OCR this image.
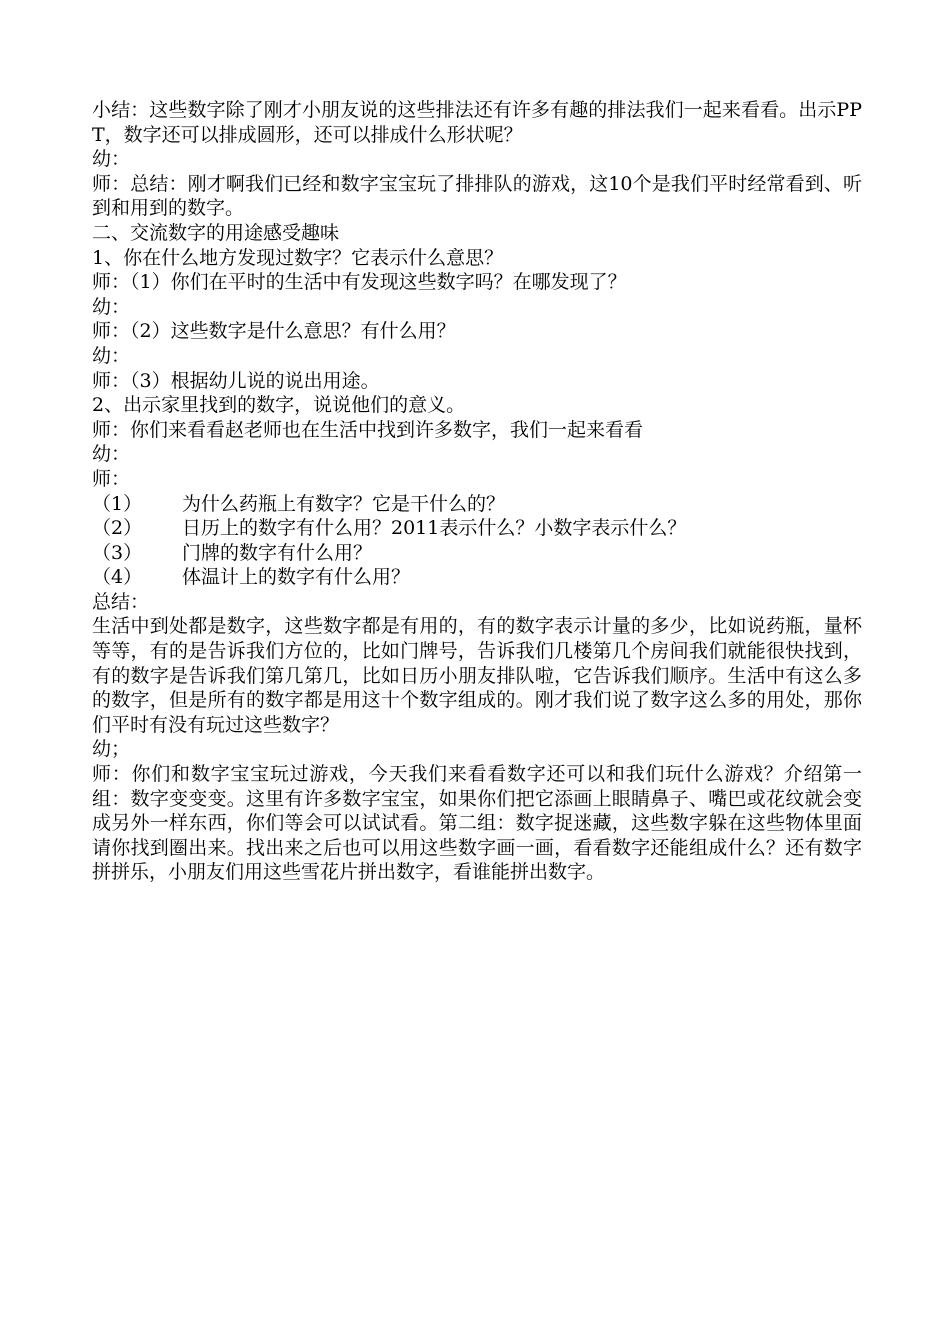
小结：这些数字除了刚才小朋友说的这些排法还有许多有趣的排法我们一起来看看。出示PPT，数字还可以排成圆形，还可以排成什么形状呢？
幼：
师：总结：刚才啊我们已经和数字宝宝玩了排排队的游戏，这10个是我们平时经常看到、听到和用到的数字。
二、交流数字的用途感受趣味
1、你在什么地方发现过数字？它表示什么意思？
师：（1）你们在平时的生活中有发现这些数字吗？在哪发现了？
幼：
师：（2）这些数字是什么意思？有什么用？
幼：
师：（3）根据幼儿说的说出用途。
2、出示家里找到的数字，说说他们的意义。
师：你们来看看赵老师也在生活中找到许多数字，我们一起来看看
幼：
师：
（1）	为什么药瓶上有数字？它是干什么的？
（2）	日历上的数字有什么用？2011表示什么？小数字表示什么？
（3）	门牌的数字有什么用？
（4）	体温计上的数字有什么用？
总结：
生活中到处都是数字，这些数字都是有用的，有的数字表示计量的多少，比如说药瓶，量杯等等，有的是告诉我们方位的，比如门牌号，告诉我们几楼第几个房间我们就能很快找到，有的数字是告诉我们第几第几，比如日历小朋友排队啦，它告诉我们顺序。生活中有这么多的数字，但是所有的数字都是用这十个数字组成的。刚才我们说了数字这么多的用处，那你们平时有没有玩过这些数字？
幼；
师：你们和数字宝宝玩过游戏，今天我们来看看数字还可以和我们玩什么游戏？介绍第一组：数字变变变。这里有许多数字宝宝，如果你们把它添画上眼睛鼻子、嘴巴或花纹就会变成另外一样东西，你们等会可以试试看。第二组：数字捉迷藏，这些数字躲在这些物体里面请你找到圈出来。找出来之后也可以用这些数字画一画，看看数字还能组成什么？还有数字拼拼乐，小朋友们用这些雪花片拼出数字，看谁能拼出数字。
